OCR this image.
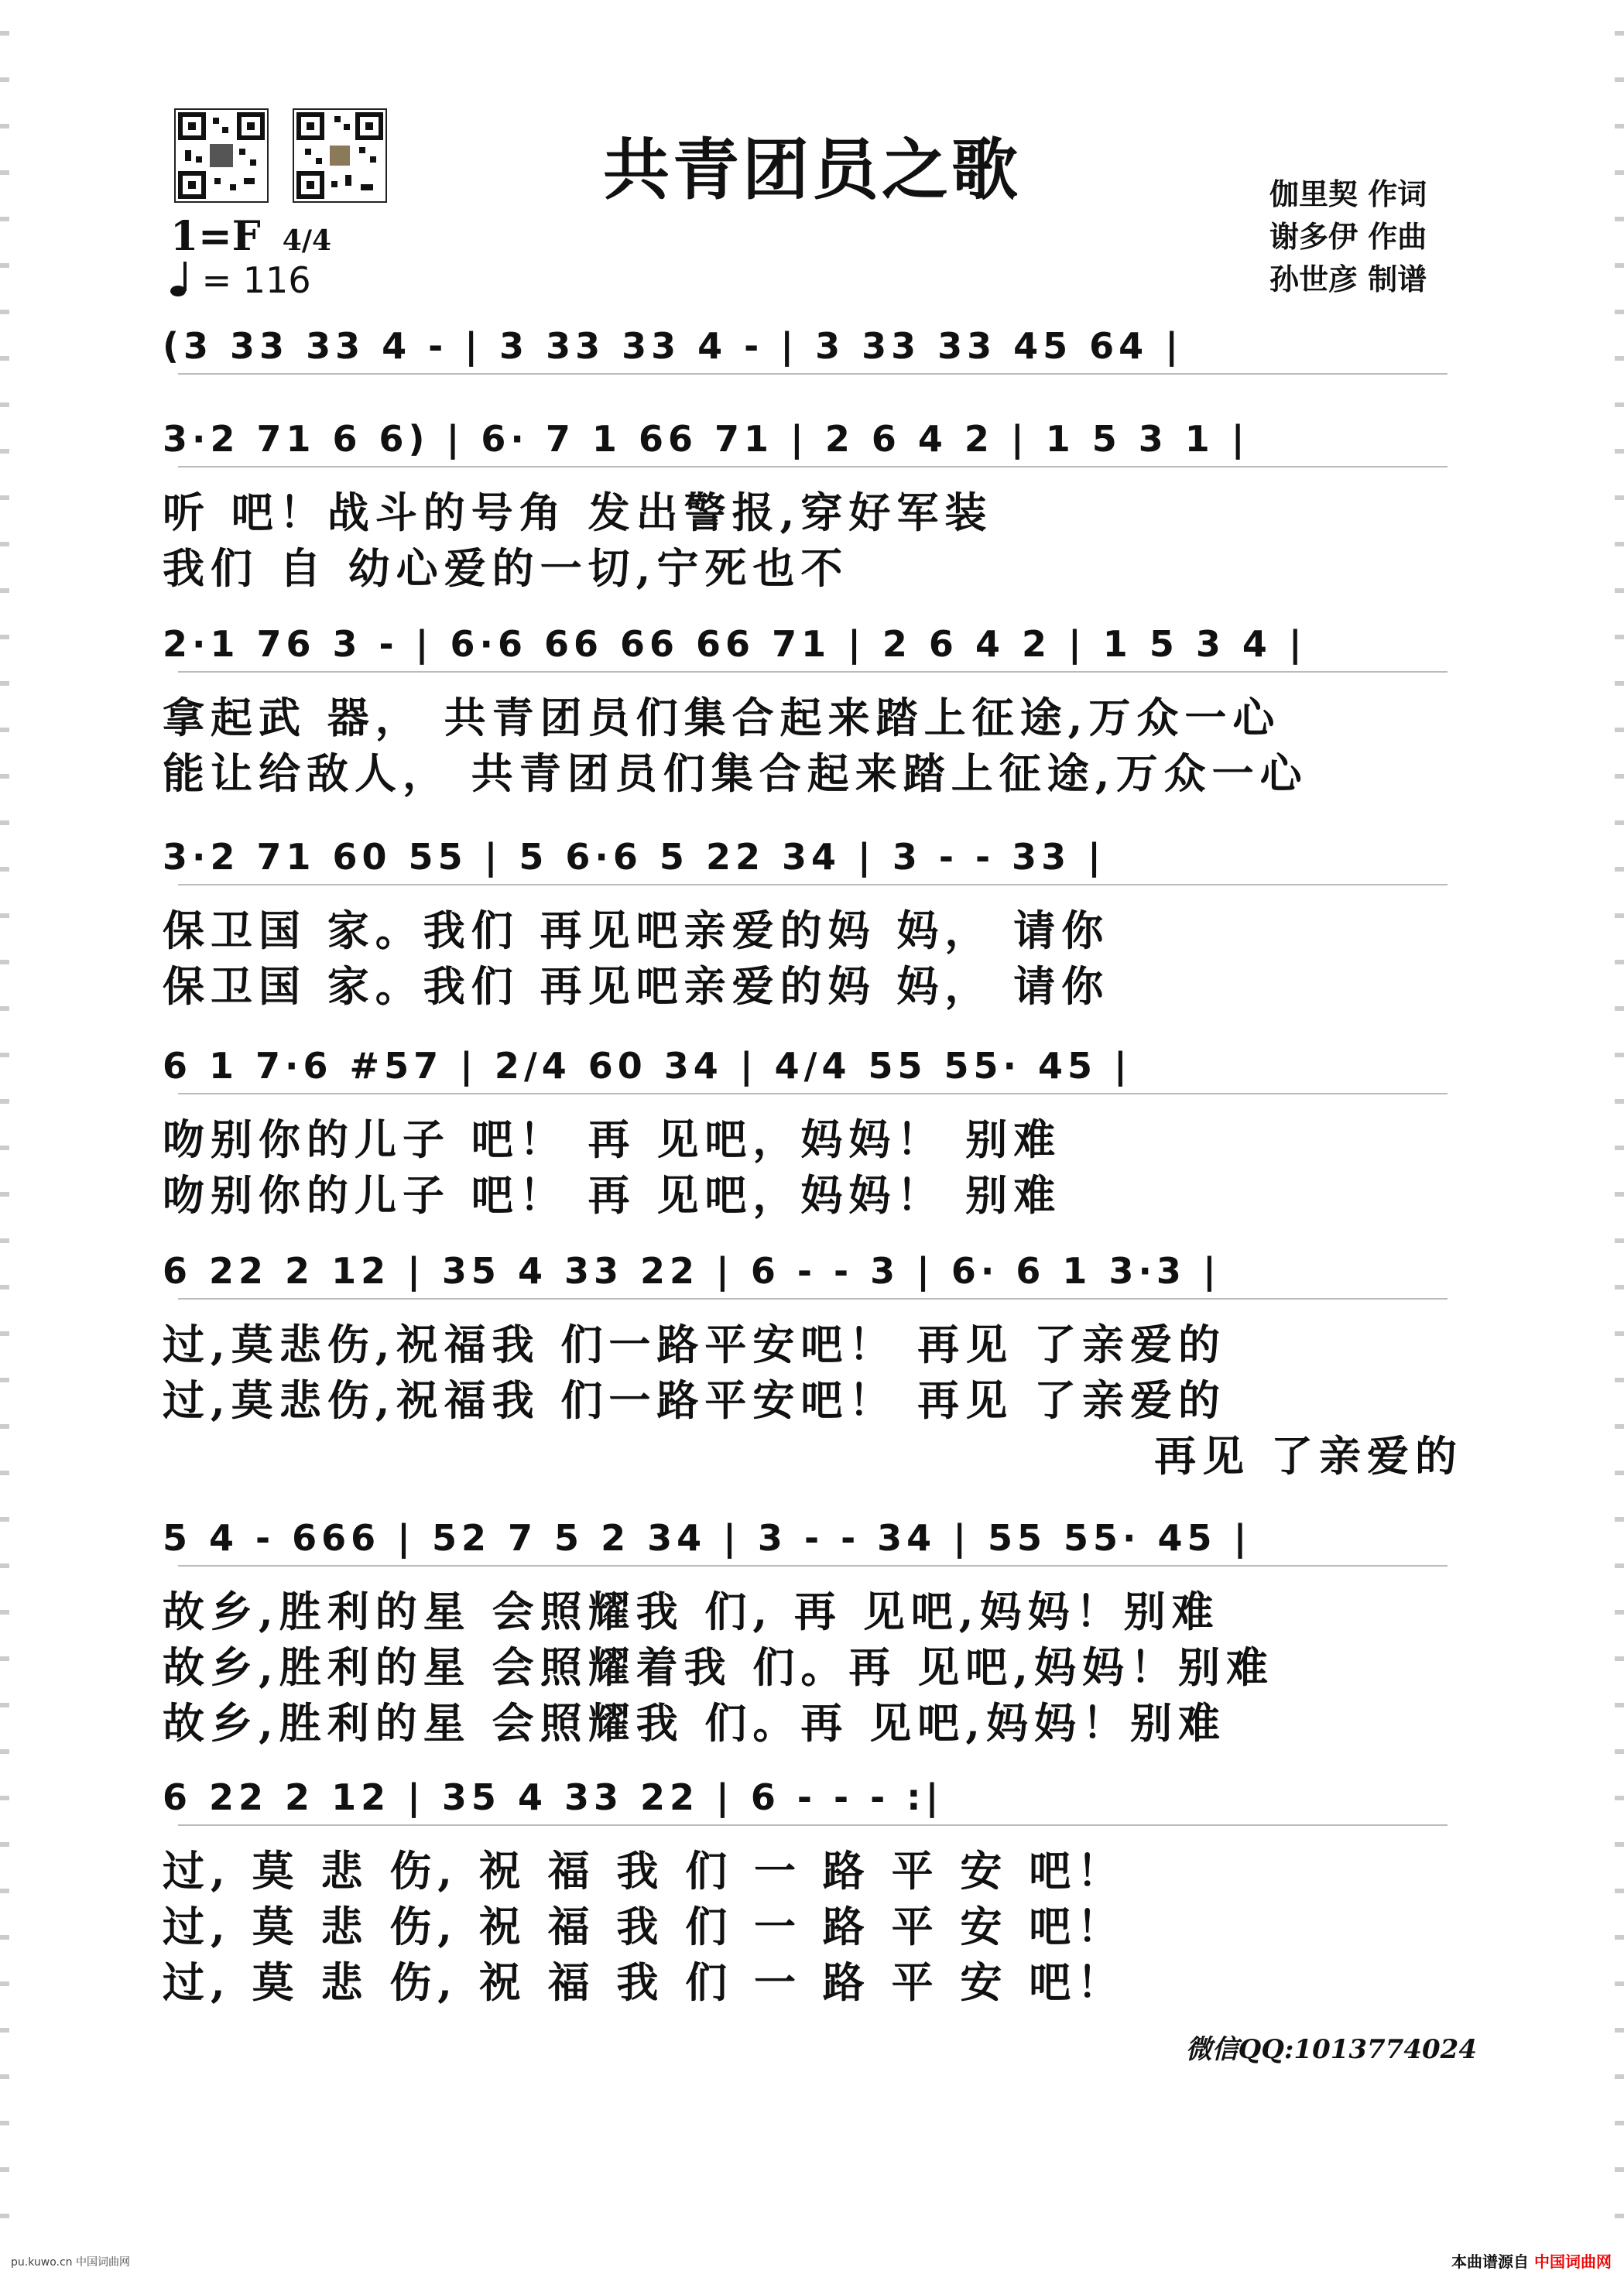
共青团员之歌	伽里契 作词
谢多伊 作曲
孙世彦 制谱
1=F 4/4
= 116
(3 33 33 4 - | 3 33 33 4 - | 3 33 33 45 64 |
3·2 71 6 6) | 6· 7 1 66 71 | 2 6 4 2 | 1 5 3 1 |
听 吧！战斗的号角 发出警报,穿好军装
我们 自 幼心爱的一切,宁死也不
2·1 76 3 - | 6·6 66 66 66 71 | 2 6 4 2 | 1 5 3 4 |
拿起武 器， 共青团员们集合起来踏上征途,万众一心
能让给敌人， 共青团员们集合起来踏上征途,万众一心
3·2 71 60 55 | 5 6·6 5 22 34 | 3 - - 33 |
保卫国 家。我们 再见吧亲爱的妈 妈， 请你
保卫国 家。我们 再见吧亲爱的妈 妈， 请你
6 1 7·6 #57 | 2/4 60 34 | 4/4 55 55· 45 |
吻别你的儿子 吧！ 再 见吧，妈妈！ 别难
吻别你的儿子 吧！ 再 见吧，妈妈！ 别难
6 22 2 12 | 35 4 33 22 | 6 - - 3 | 6· 6 1 3·3 |
过,莫悲伤,祝福我 们一路平安吧！ 再见 了亲爱的
过,莫悲伤,祝福我 们一路平安吧！ 再见 了亲爱的
再见 了亲爱的
5 4 - 666 | 52 7 5 2 34 | 3 - - 34 | 55 55· 45 |
故乡,胜利的星 会照耀我 们, 再 见吧,妈妈！别难
故乡,胜利的星 会照耀着我 们。再 见吧,妈妈！别难
故乡,胜利的星 会照耀我 们。再 见吧,妈妈！别难
6 22 2 12 | 35 4 33 22 | 6 - - - :|
过, 莫 悲 伤, 祝 福 我 们 一 路 平 安 吧！
过, 莫 悲 伤, 祝 福 我 们 一 路 平 安 吧！
过, 莫 悲 伤, 祝 福 我 们 一 路 平 安 吧！
微信QQ:1013774024
pu.kuwo.cn 中国词曲网	本曲谱源自 中国词曲网
